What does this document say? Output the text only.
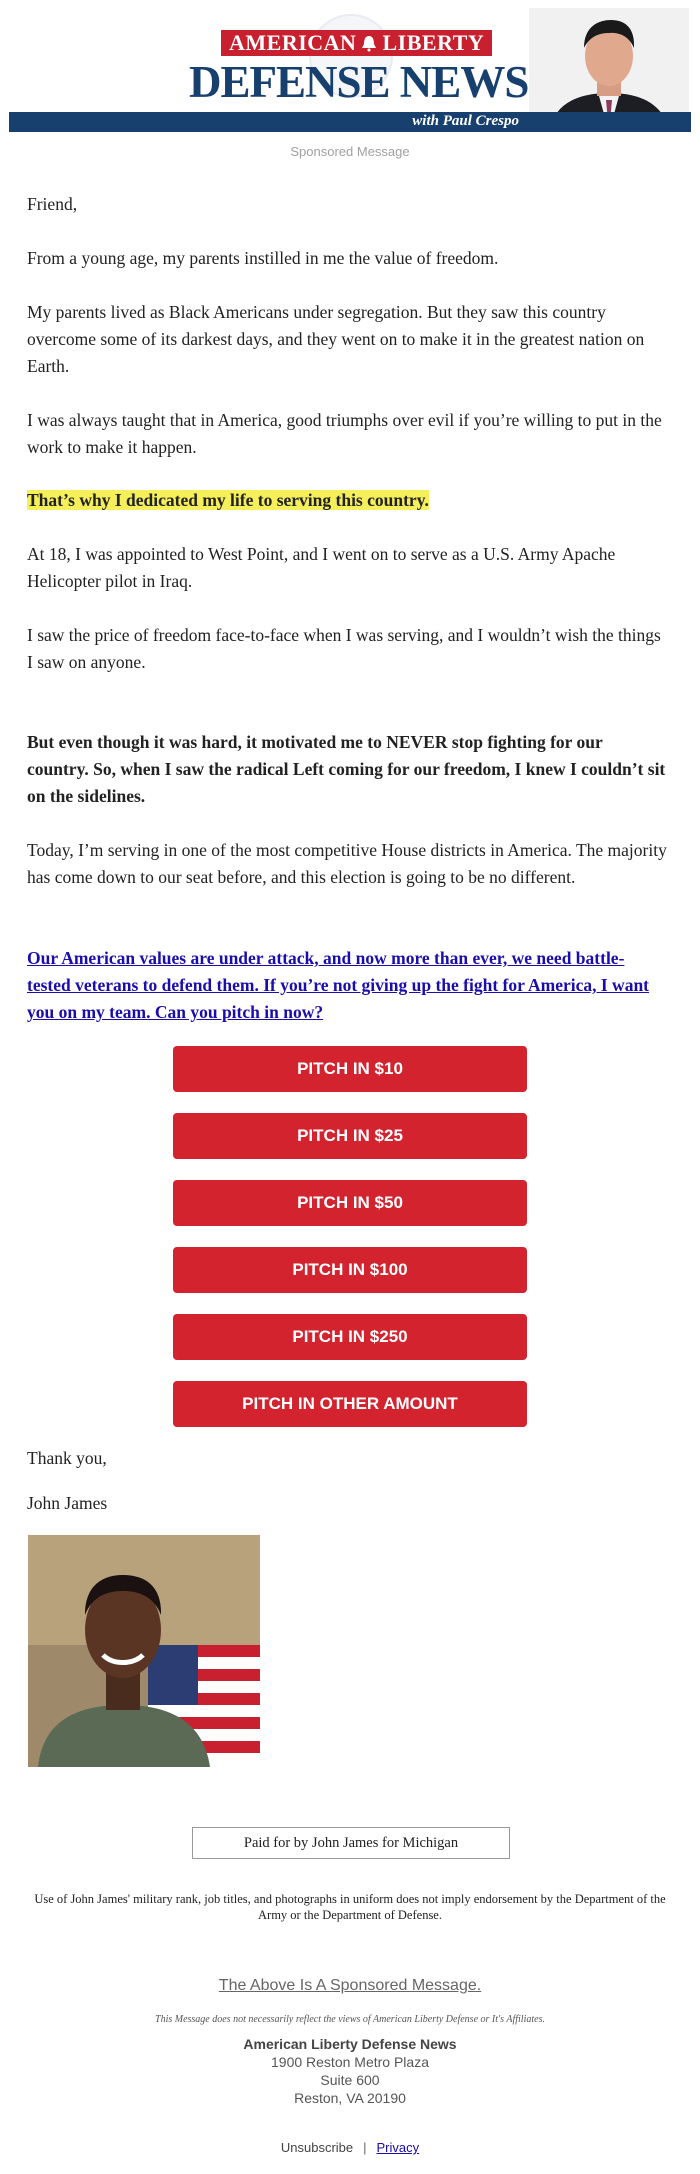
AMERICAN LIBERTY
DEFENSE NEWS
with Paul Crespo
Sponsored Message

Friend,

From a young age, my parents instilled in me the value of freedom.

My parents lived as Black Americans under segregation. But they saw this country overcome some of its darkest days, and they went on to make it in the greatest nation on Earth.

I was always taught that in America, good triumphs over evil if you’re willing to put in the work to make it happen.

That’s why I dedicated my life to serving this country.

At 18, I was appointed to West Point, and I went on to serve as a U.S. Army Apache Helicopter pilot in Iraq.

I saw the price of freedom face-to-face when I was serving, and I wouldn’t wish the things I saw on anyone.

But even though it was hard, it motivated me to NEVER stop fighting for our country. So, when I saw the radical Left coming for our freedom, I knew I couldn’t sit on the sidelines.

Today, I’m serving in one of the most competitive House districts in America. The majority has come down to our seat before, and this election is going to be no different.

Our American values are under attack, and now more than ever, we need battle-tested veterans to defend them. If you’re not giving up the fight for America, I want you on my team. Can you pitch in now?

PITCH IN $10
PITCH IN $25
PITCH IN $50
PITCH IN $100
PITCH IN $250
PITCH IN OTHER AMOUNT

Thank you,

John James

Paid for by John James for Michigan
Use of John James' military rank, job titles, and photographs in uniform does not imply endorsement by the Department of the Army or the Department of Defense.
The Above Is A Sponsored Message.
This Message does not necessarily reflect the views of American Liberty Defense or It's Affiliates.
American Liberty Defense News
1900 Reston Metro Plaza
Suite 600
Reston, VA 20190
Unsubscribe | Privacy
